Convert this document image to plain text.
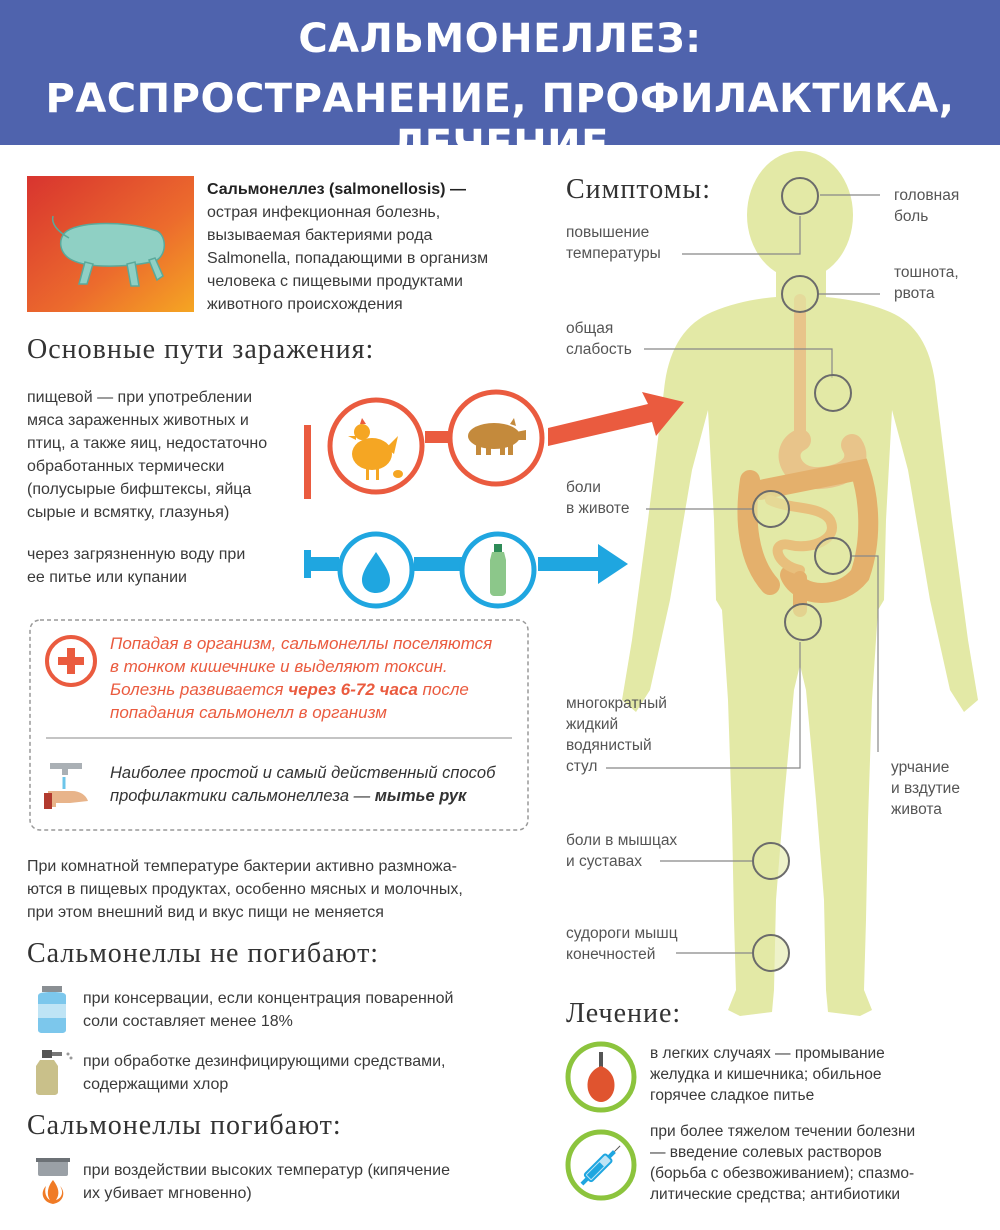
САЛЬМОНЕЛЛЕЗ:
РАСПРОСТРАНЕНИЕ, ПРОФИЛАКТИКА, ЛЕЧЕНИЕ
Сальмонеллез (salmonellosis) —
острая инфекционная болезнь,
вызываемая бактериями рода
Salmonella, попадающими в организм
человека с пищевыми продуктами
животного происхождения
Основные пути заражения:
пищевой — при употреблении
мяса зараженных животных и
птиц, а также яиц, недостаточно
обработанных термически
(полусырые бифштексы, яйца
сырые и всмятку, глазунья)
через загрязненную воду при
ее питье или купании
Попадая в организм, сальмонеллы поселяются
в тонком кишечнике и выделяют токсин.
Болезнь развивается через 6-72 часа после
попадания сальмонелл в организм
Наиболее простой и самый действенный способ
профилактики сальмонеллеза — мытье рук
При комнатной температуре бактерии активно размножа-
ются в пищевых продуктах, особенно мясных и молочных,
при этом внешний вид и вкус пищи не меняется
Сальмонеллы не погибают:
при консервации, если концентрация поваренной
соли составляет менее 18%
при обработке дезинфицирующими средствами,
содержащими хлор
Сальмонеллы погибают:
при воздействии высоких температур (кипячение
их убивает мгновенно)
Симптомы:	головная
боль
повышение
температуры
тошнота,
рвота
общая
слабость
боли
в животе
многократный
жидкий
водянистый
стул	урчание
и вздутие
живота
боли в мышцах
и суставах
судороги мышц
конечностей
Лечение:
в легких случаях — промывание
желудка и кишечника; обильное
горячее сладкое питье
при более тяжелом течении болезни
— введение солевых растворов
(борьба с обезвоживанием); спазмо-
литические средства; антибиотики
